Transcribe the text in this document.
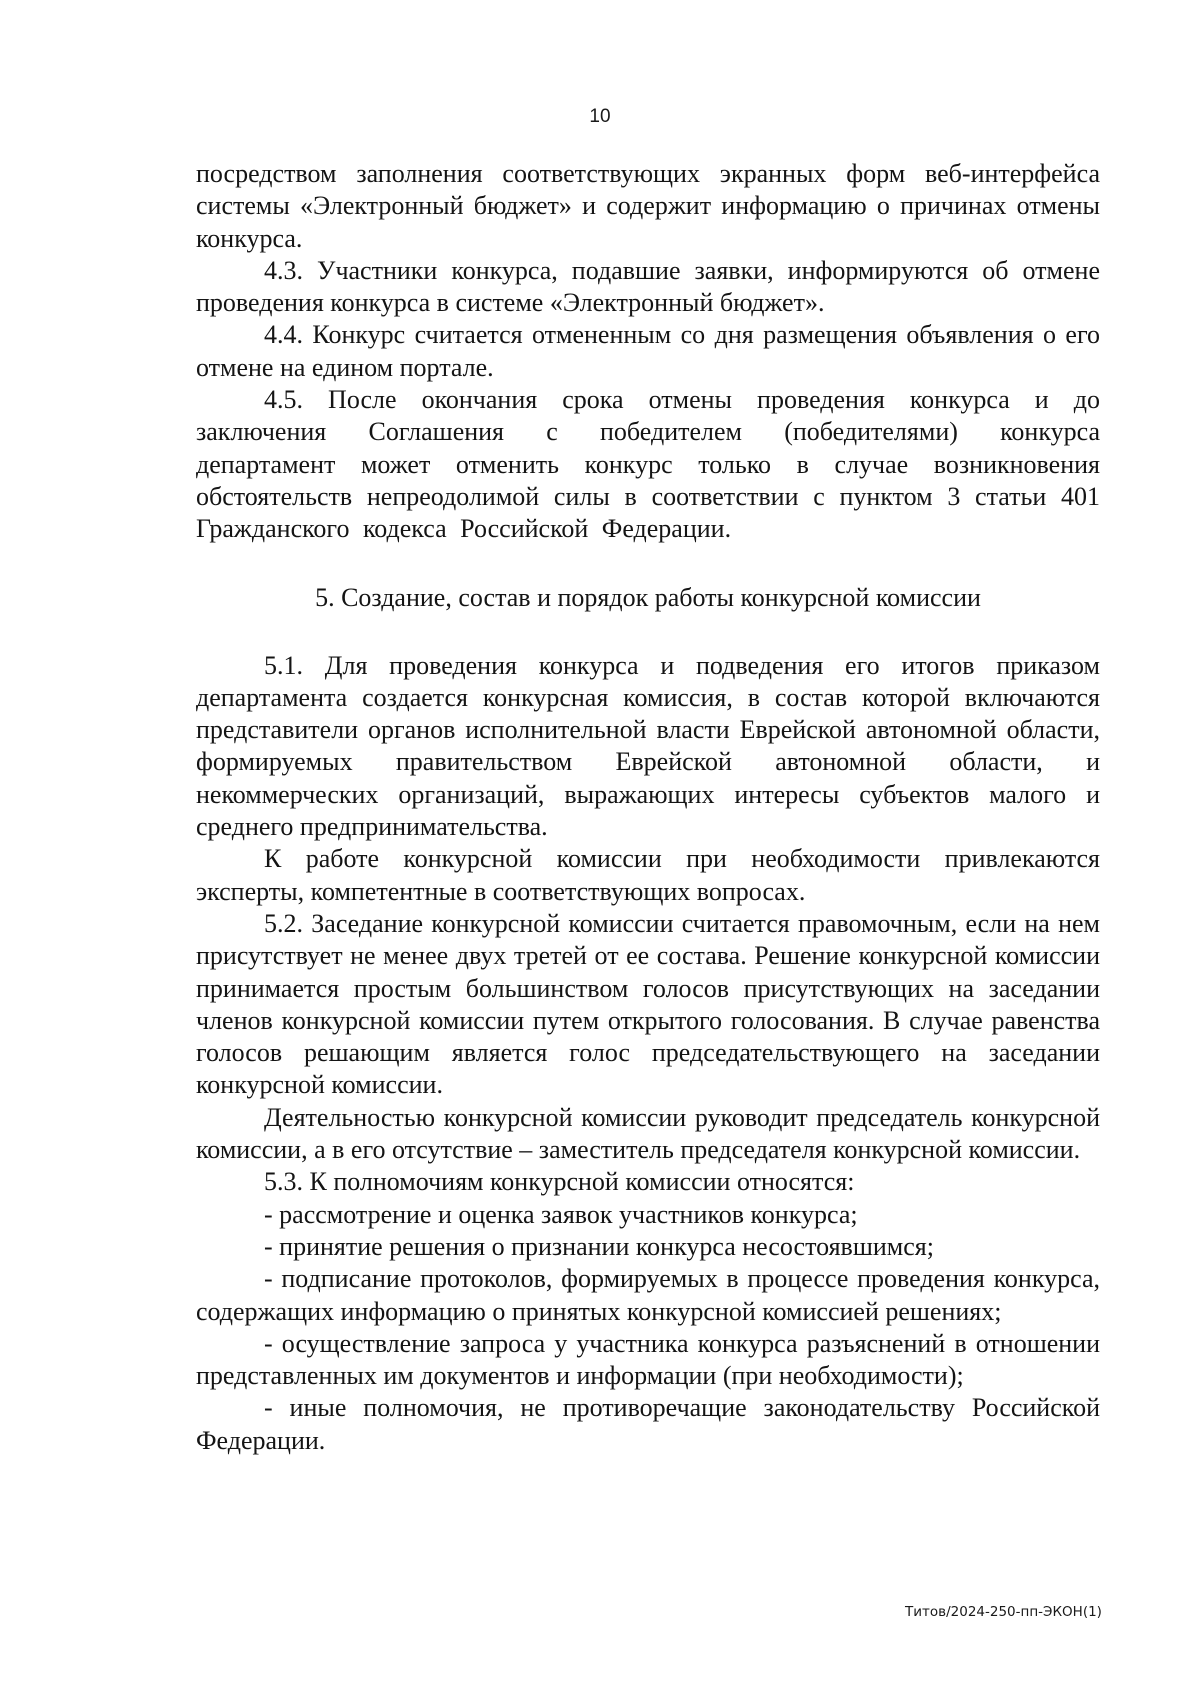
10

посредством заполнения соответствующих экранных форм веб-интерфейса системы «Электронный бюджет» и содержит информацию о причинах отмены конкурса.

4.3. Участники конкурса, подавшие заявки, информируются об отмене проведения конкурса в системе «Электронный бюджет».

4.4. Конкурс считается отмененным со дня размещения объявления о его отмене на едином портале.

4.5. После окончания срока отмены проведения конкурса и до заключения Соглашения с победителем (победителями) конкурса департамент может отменить конкурс только в случае возникновения обстоятельств непреодолимой силы в соответствии с пунктом 3 статьи 401 Гражданского кодекса Российской Федерации.

5. Создание, состав и порядок работы конкурсной комиссии

5.1. Для проведения конкурса и подведения его итогов приказом департамента создается конкурсная комиссия, в состав которой включаются представители органов исполнительной власти Еврейской автономной области, формируемых правительством Еврейской автономной области, и некоммерческих организаций, выражающих интересы субъектов малого и среднего предпринимательства.

К работе конкурсной комиссии при необходимости привлекаются эксперты, компетентные в соответствующих вопросах.

5.2. Заседание конкурсной комиссии считается правомочным, если на нем присутствует не менее двух третей от ее состава. Решение конкурсной комиссии принимается простым большинством голосов присутствующих на заседании членов конкурсной комиссии путем открытого голосования. В случае равенства голосов решающим является голос председательствующего на заседании конкурсной комиссии.

Деятельностью конкурсной комиссии руководит председатель конкурсной комиссии, а в его отсутствие – заместитель председателя конкурсной комиссии.

5.3. К полномочиям конкурсной комиссии относятся:

- рассмотрение и оценка заявок участников конкурса;

- принятие решения о признании конкурса несостоявшимся;

- подписание протоколов, формируемых в процессе проведения конкурса, содержащих информацию о принятых конкурсной комиссией решениях;

- осуществление запроса у участника конкурса разъяснений в отношении представленных им документов и информации (при необходимости);

- иные полномочия, не противоречащие законодательству Российской Федерации.

Титов/2024-250-пп-ЭКОН(1)
